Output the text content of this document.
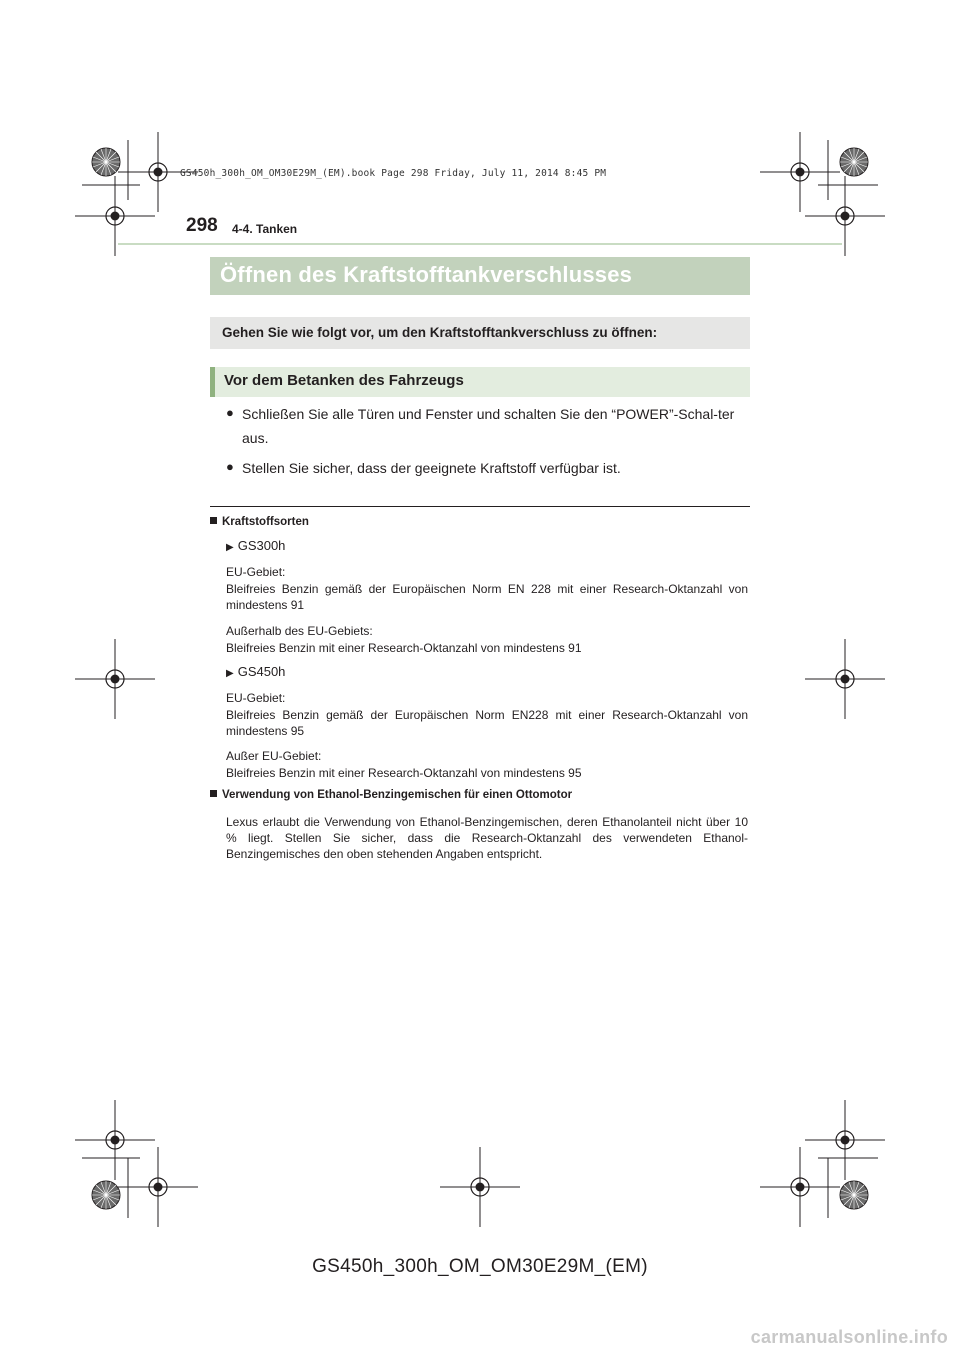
GS450h_300h_OM_OM30E29M_(EM).book Page 298 Friday, July 11, 2014 8:45 PM
298 4-4. Tanken
Öffnen des Kraftstofftankverschlusses
Gehen Sie wie folgt vor, um den Kraftstofftankverschluss zu öffnen:
Vor dem Betanken des Fahrzeugs
● Schließen Sie alle Türen und Fenster und schalten Sie den “POWER”-Schal-ter aus.
● Stellen Sie sicher, dass der geeignete Kraftstoff verfügbar ist.
Kraftstoffsorten
▶ GS300h
EU-Gebiet:
Bleifreies Benzin gemäß der Europäischen Norm EN 228 mit einer Research-Oktanzahl von mindestens 91
Außerhalb des EU-Gebiets:
Bleifreies Benzin mit einer Research-Oktanzahl von mindestens 91
▶ GS450h
EU-Gebiet:
Bleifreies Benzin gemäß der Europäischen Norm EN228 mit einer Research-Oktanzahl von mindestens 95
Außer EU-Gebiet:
Bleifreies Benzin mit einer Research-Oktanzahl von mindestens 95
Verwendung von Ethanol-Benzingemischen für einen Ottomotor
Lexus erlaubt die Verwendung von Ethanol-Benzingemischen, deren Ethanolanteil nicht über 10 % liegt. Stellen Sie sicher, dass die Research-Oktanzahl des verwendeten Ethanol-Benzingemisches den oben stehenden Angaben entspricht.
GS450h_300h_OM_OM30E29M_(EM)
carmanualsonline.info
